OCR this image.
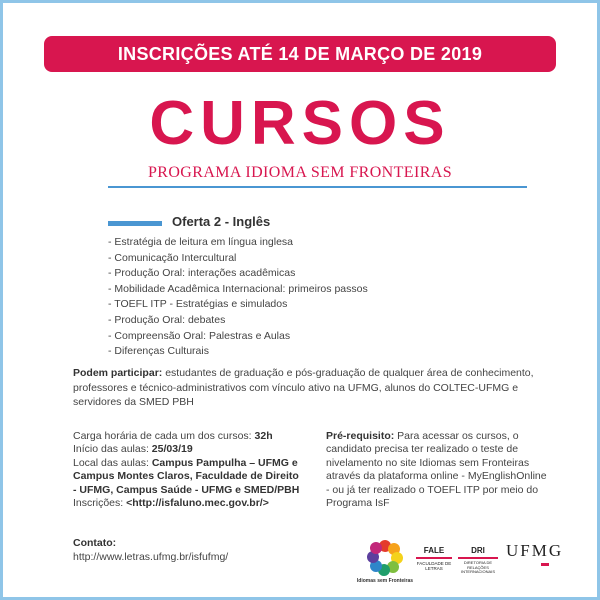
INSCRIÇÕES ATÉ 14 DE MARÇO DE 2019
CURSOS
PROGRAMA IDIOMA SEM FRONTEIRAS
Oferta 2 - Inglês
- Estratégia de leitura em língua inglesa
- Comunicação Intercultural
- Produção Oral: interações acadêmicas
- Mobilidade Acadêmica Internacional: primeiros passos
- TOEFL ITP - Estratégias e simulados
- Produção Oral: debates
- Compreensão Oral: Palestras e Aulas
- Diferenças Culturais
Podem participar: estudantes de graduação e pós-graduação de qualquer área de conhecimento, professores e técnico-administrativos com vínculo ativo na UFMG, alunos do COLTEC-UFMG e servidores da SMED PBH
Carga horária de cada um dos cursos: 32h
Início das aulas: 25/03/19
Local das aulas: Campus Pampulha – UFMG e Campus Montes Claros, Faculdade de Direito - UFMG, Campus Saúde - UFMG e SMED/PBH
Inscrições: <http://isfaluno.mec.gov.br/>
Pré-requisito: Para acessar os cursos, o candidato precisa ter realizado o teste de nivelamento no site Idiomas sem Fronteiras através da plataforma online - MyEnglishOnline - ou já ter realizado o TOEFL ITP por meio do Programa IsF
Contato:
http://www.letras.ufmg.br/isfufmg/
Idiomas sem Fronteiras
FALE
FACULDADE DE LETRAS
DRI
DIRETORIA DE RELAÇÕES INTERNACIONAIS
UFMG
